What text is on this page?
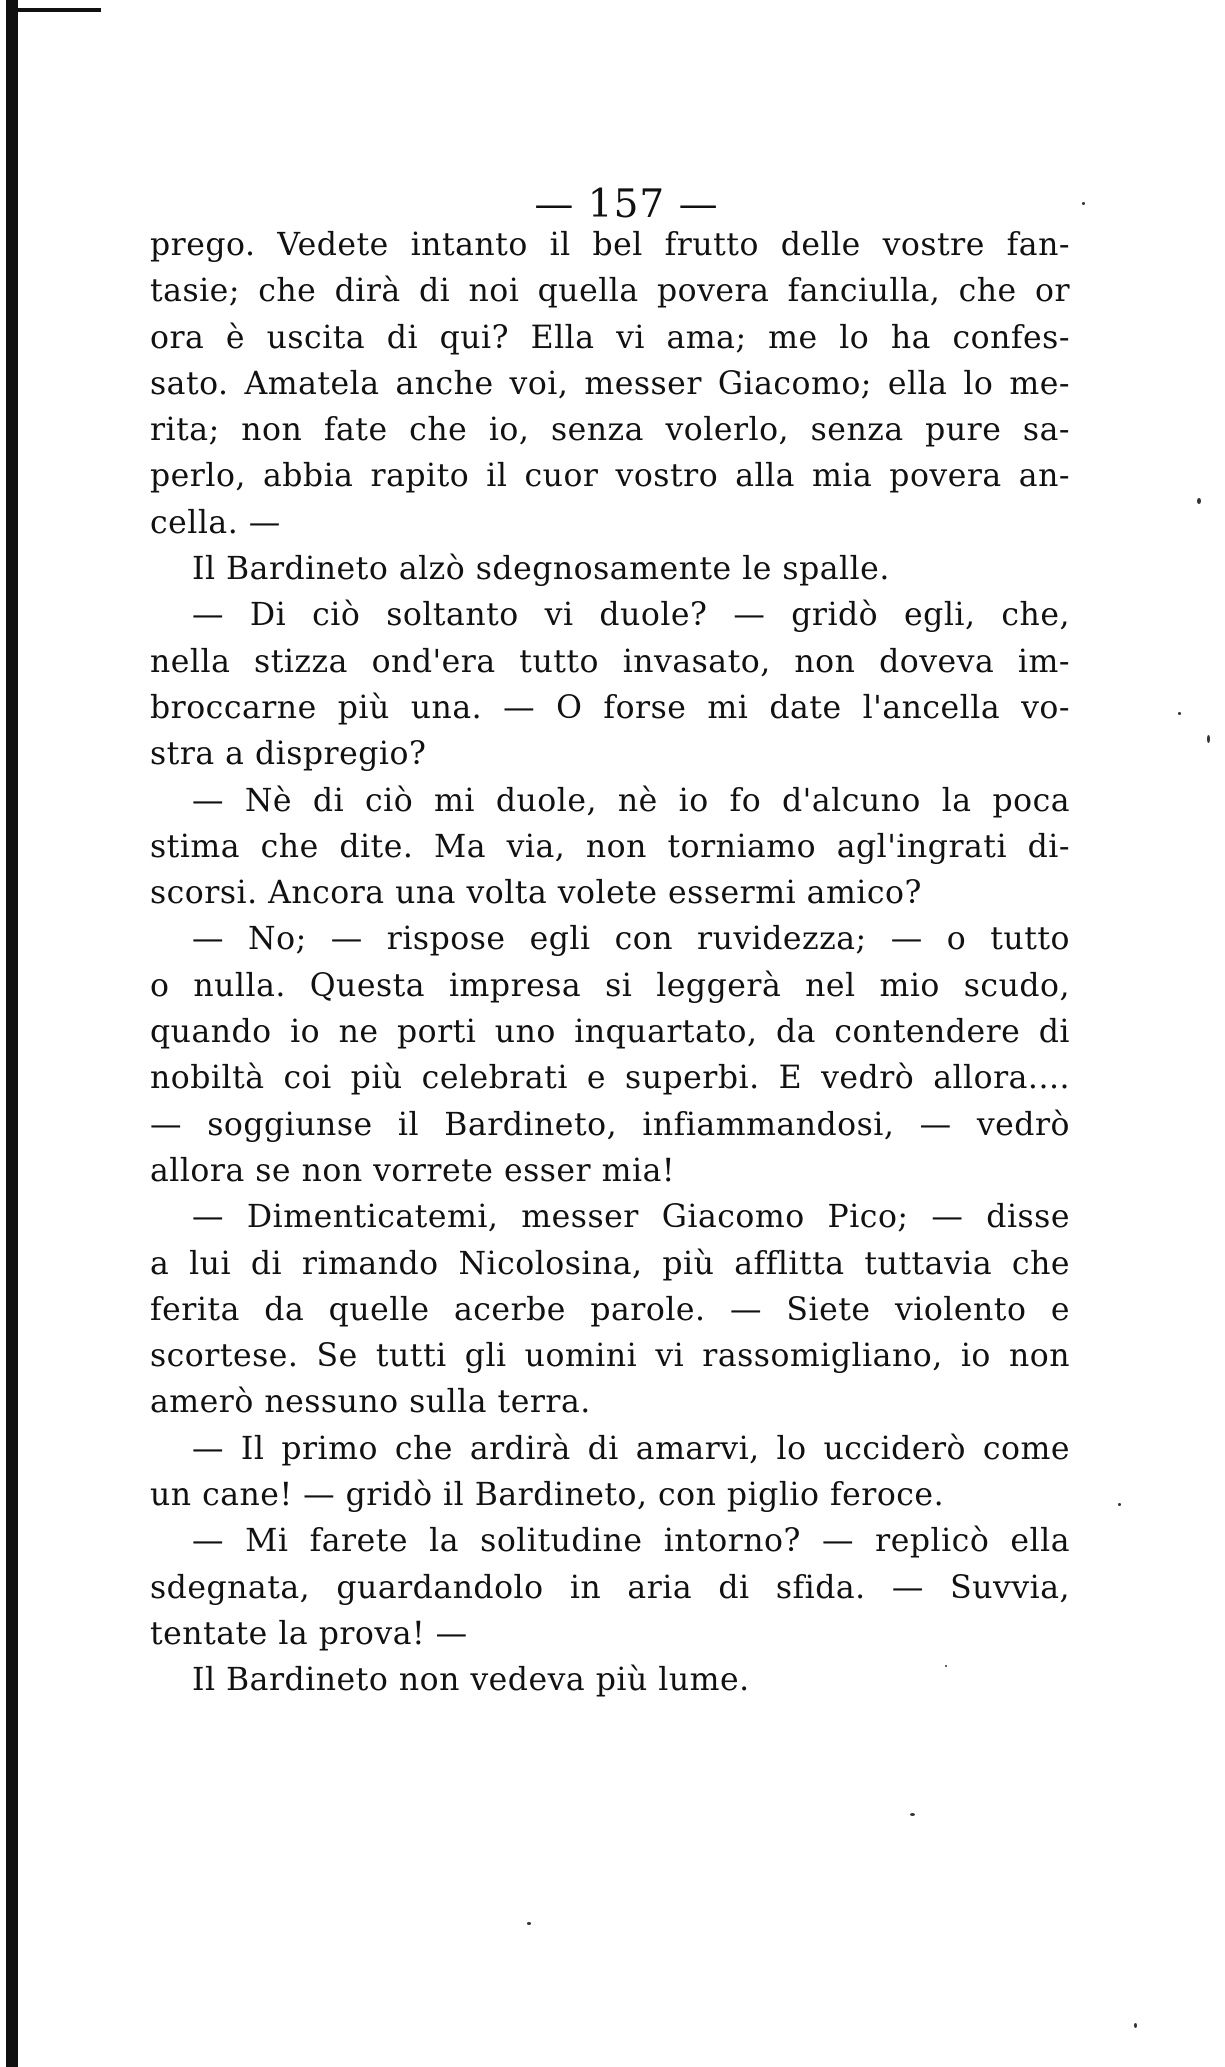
— 157 —
prego. Vedete intanto il bel frutto delle vostre fan-
tasie; che dirà di noi quella povera fanciulla, che or
ora è uscita di qui? Ella vi ama; me lo ha confes-
sato. Amatela anche voi, messer Giacomo; ella lo me-
rita; non fate che io, senza volerlo, senza pure sa-
perlo, abbia rapito il cuor vostro alla mia povera an-
cella. —
Il Bardineto alzò sdegnosamente le spalle.
— Di ciò soltanto vi duole? — gridò egli, che,
nella stizza ond'era tutto invasato, non doveva im-
broccarne più una. — O forse mi date l'ancella vo-
stra a dispregio?
— Nè di ciò mi duole, nè io fo d'alcuno la poca
stima che dite. Ma via, non torniamo agl'ingrati di-
scorsi. Ancora una volta volete essermi amico?
— No; — rispose egli con ruvidezza; — o tutto
o nulla. Questa impresa si leggerà nel mio scudo,
quando io ne porti uno inquartato, da contendere di
nobiltà coi più celebrati e superbi. E vedrò allora....
— soggiunse il Bardineto, infiammandosi, — vedrò
allora se non vorrete esser mia!
— Dimenticatemi, messer Giacomo Pico; — disse
a lui di rimando Nicolosina, più afflitta tuttavia che
ferita da quelle acerbe parole. — Siete violento e
scortese. Se tutti gli uomini vi rassomigliano, io non
amerò nessuno sulla terra.
— Il primo che ardirà di amarvi, lo ucciderò come
un cane! — gridò il Bardineto, con piglio feroce.
— Mi farete la solitudine intorno? — replicò ella
sdegnata, guardandolo in aria di sfida. — Suvvia,
tentate la prova! —
Il Bardineto non vedeva più lume.
